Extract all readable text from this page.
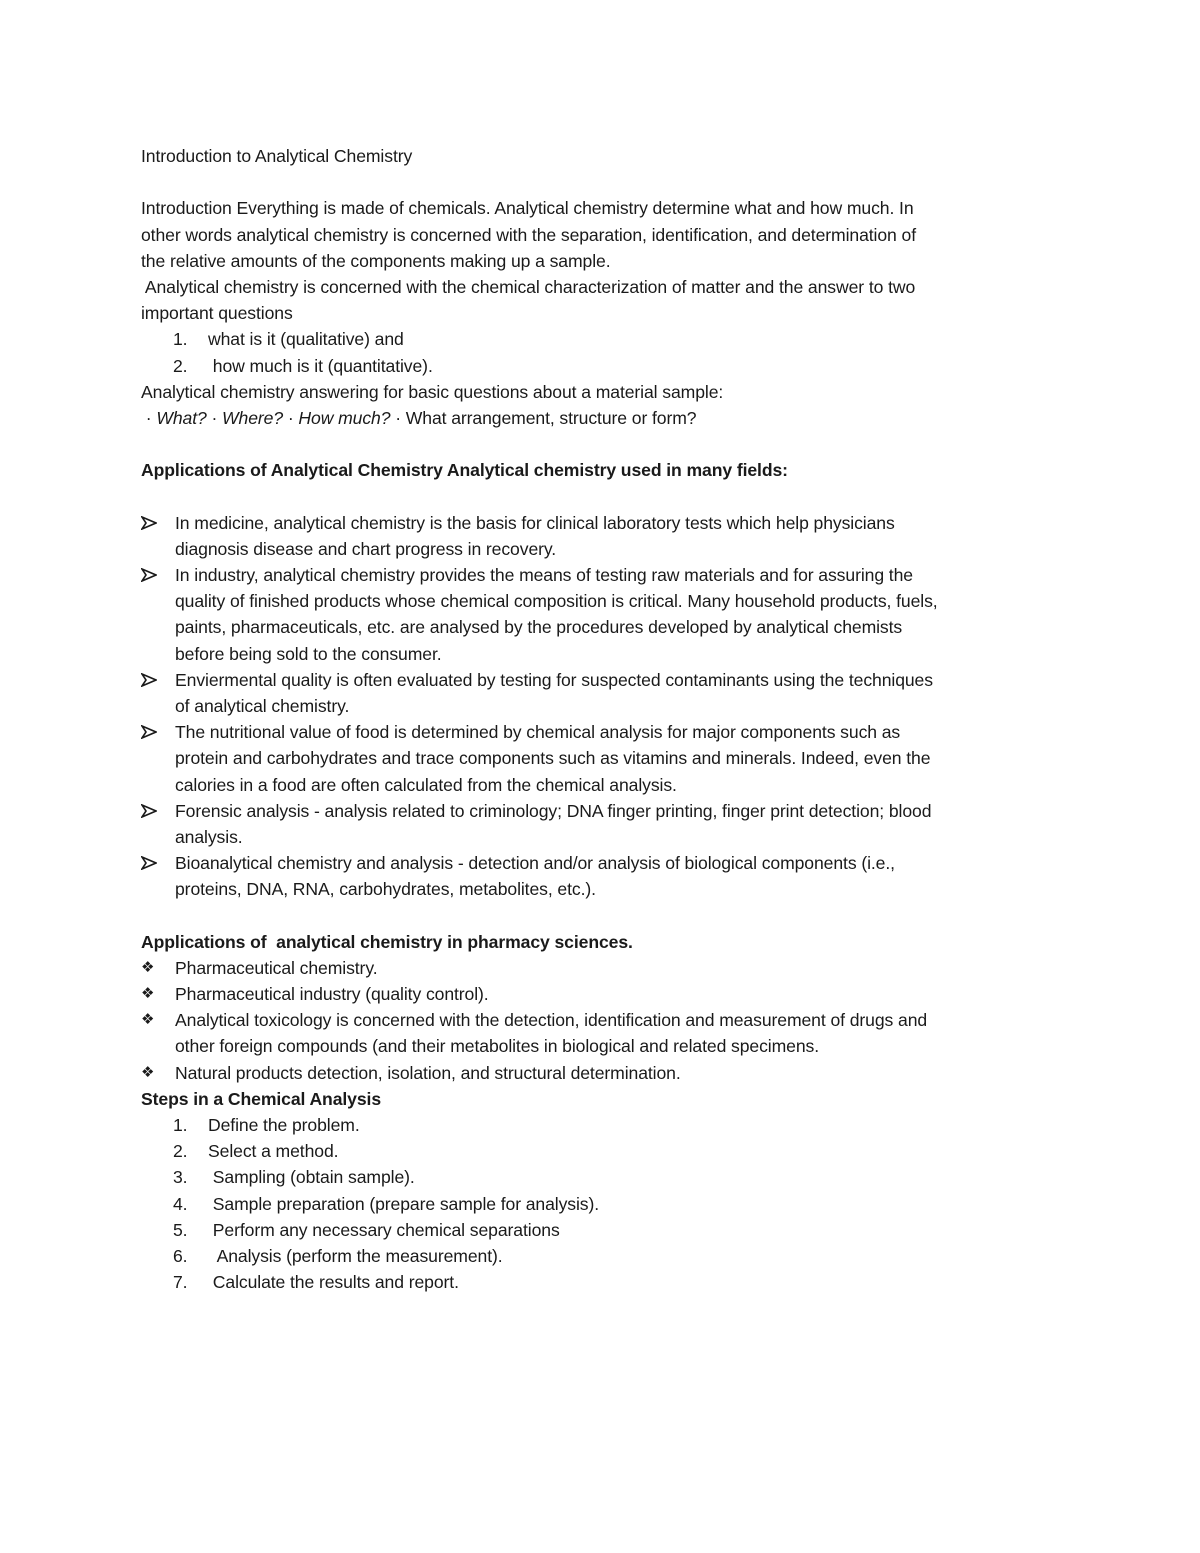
Introduction to Analytical Chemistry
Introduction Everything is made of chemicals. Analytical chemistry determine what and how much. In
other words analytical chemistry is concerned with the separation, identification, and determination of
the relative amounts of the components making up a sample.
Analytical chemistry is concerned with the chemical characterization of matter and the answer to two
important questions
1.	what is it (qualitative) and
2.	how much is it (quantitative).
Analytical chemistry answering for basic questions about a material sample:
· What? · Where? · How much? · What arrangement, structure or form?
Applications of Analytical Chemistry Analytical chemistry used in many fields:
In medicine, analytical chemistry is the basis for clinical laboratory tests which help physicians
diagnosis disease and chart progress in recovery.
In industry, analytical chemistry provides the means of testing raw materials and for assuring the
quality of finished products whose chemical composition is critical. Many household products, fuels,
paints, pharmaceuticals, etc. are analysed by the procedures developed by analytical chemists
before being sold to the consumer.
Enviermental quality is often evaluated by testing for suspected contaminants using the techniques
of analytical chemistry.
The nutritional value of food is determined by chemical analysis for major components such as
protein and carbohydrates and trace components such as vitamins and minerals. Indeed, even the
calories in a food are often calculated from the chemical analysis.
Forensic analysis - analysis related to criminology; DNA finger printing, finger print detection; blood
analysis.
Bioanalytical chemistry and analysis - detection and/or analysis of biological components (i.e.,
proteins, DNA, RNA, carbohydrates, metabolites, etc.).
Applications of  analytical chemistry in pharmacy sciences.
❖	Pharmaceutical chemistry.
❖	Pharmaceutical industry (quality control).
❖	Analytical toxicology is concerned with the detection, identification and measurement of drugs and
other foreign compounds (and their metabolites in biological and related specimens.
❖	Natural products detection, isolation, and structural determination.
Steps in a Chemical Analysis
1.	Define the problem.
2.	Select a method.
3.	Sampling (obtain sample).
4.	Sample preparation (prepare sample for analysis).
5.	Perform any necessary chemical separations
6.	Analysis (perform the measurement).
7.	Calculate the results and report.
